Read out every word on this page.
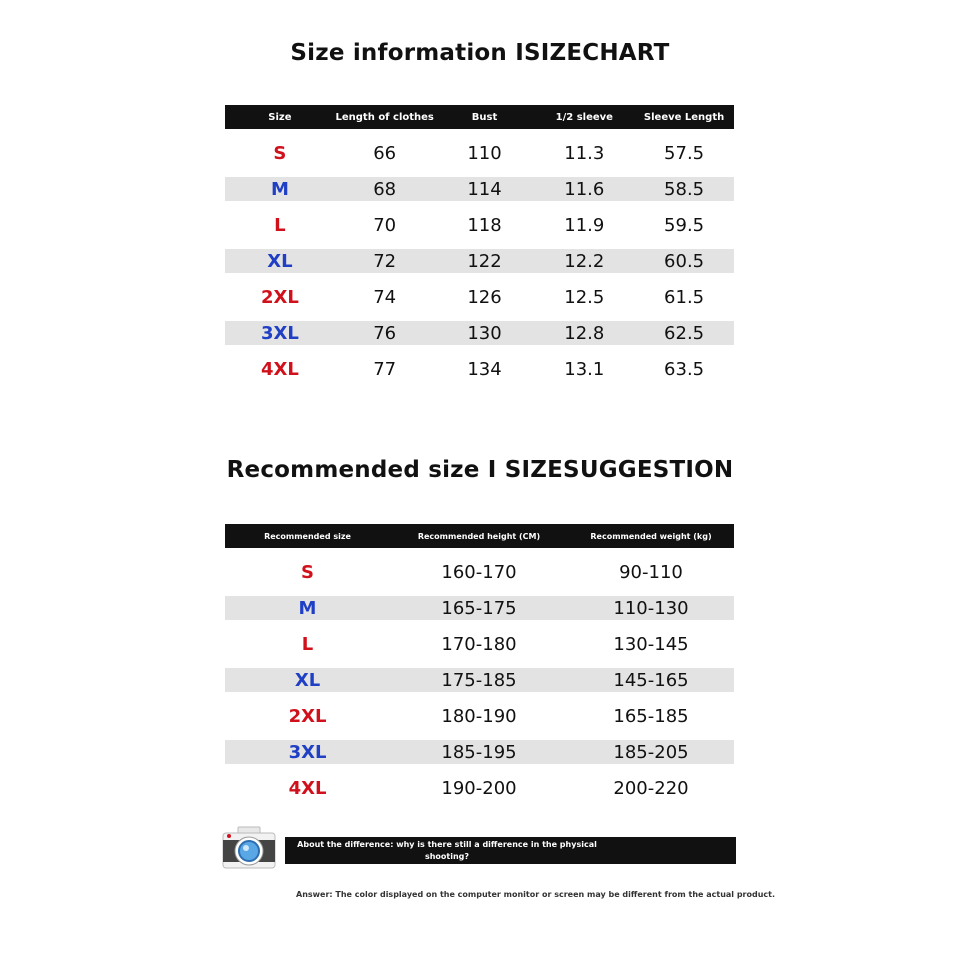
Size information ISIZECHART
Size	Length of clothes	Bust	1/2 sleeve	Sleeve Length
S	66	110	11.3	57.5
M	68	114	11.6	58.5
L	70	118	11.9	59.5
XL	72	122	12.2	60.5
2XL	74	126	12.5	61.5
3XL	76	130	12.8	62.5
4XL	77	134	13.1	63.5
Recommended size I SIZESUGGESTION
Recommended size	Recommended height (CM)	Recommended weight (kg)
S	160-170	90-110
M	165-175	110-130
L	170-180	130-145
XL	175-185	145-165
2XL	180-190	165-185
3XL	185-195	185-205
4XL	190-200	200-220
About the difference: why is there still a difference in the physical shooting?
Answer: The color displayed on the computer monitor or screen may be different from the actual product.
